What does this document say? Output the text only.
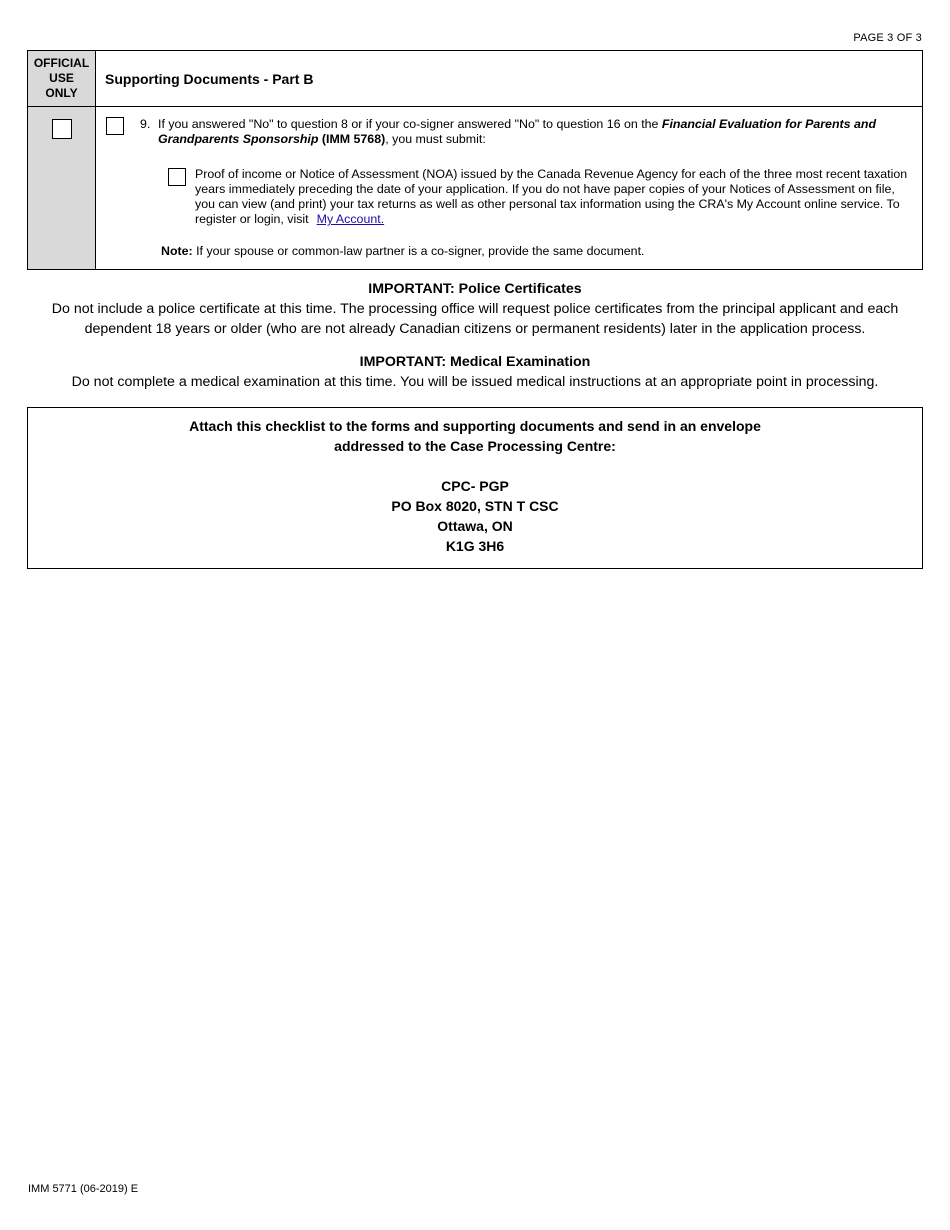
PAGE 3 OF 3
OFFICIAL
USE
ONLY	Supporting Documents - Part B

	9. If you answered "No" to question 8 or if your co-signer answered "No" to question 16 on the Financial Evaluation for Parents and Grandparents Sponsorship (IMM 5768), you must submit:
Proof of income or Notice of Assessment (NOA) issued by the Canada Revenue Agency for each of the three most recent taxation years immediately preceding the date of your application. If you do not have paper copies of your Notices of Assessment on file, you can view (and print) your tax returns as well as other personal tax information using the CRA's My Account online service. To register or login, visit My Account.
Note: If your spouse or common-law partner is a co-signer, provide the same document.
IMPORTANT: Police Certificates
Do not include a police certificate at this time. The processing office will request police certificates from the principal applicant and each
dependent 18 years or older (who are not already Canadian citizens or permanent residents) later in the application process.
IMPORTANT: Medical Examination
Do not complete a medical examination at this time. You will be issued medical instructions at an appropriate point in processing.
Attach this checklist to the forms and supporting documents and send in an envelope
addressed to the Case Processing Centre:
CPC- PGP
PO Box 8020, STN T CSC
Ottawa, ON
K1G 3H6
IMM 5771 (06-2019) E
